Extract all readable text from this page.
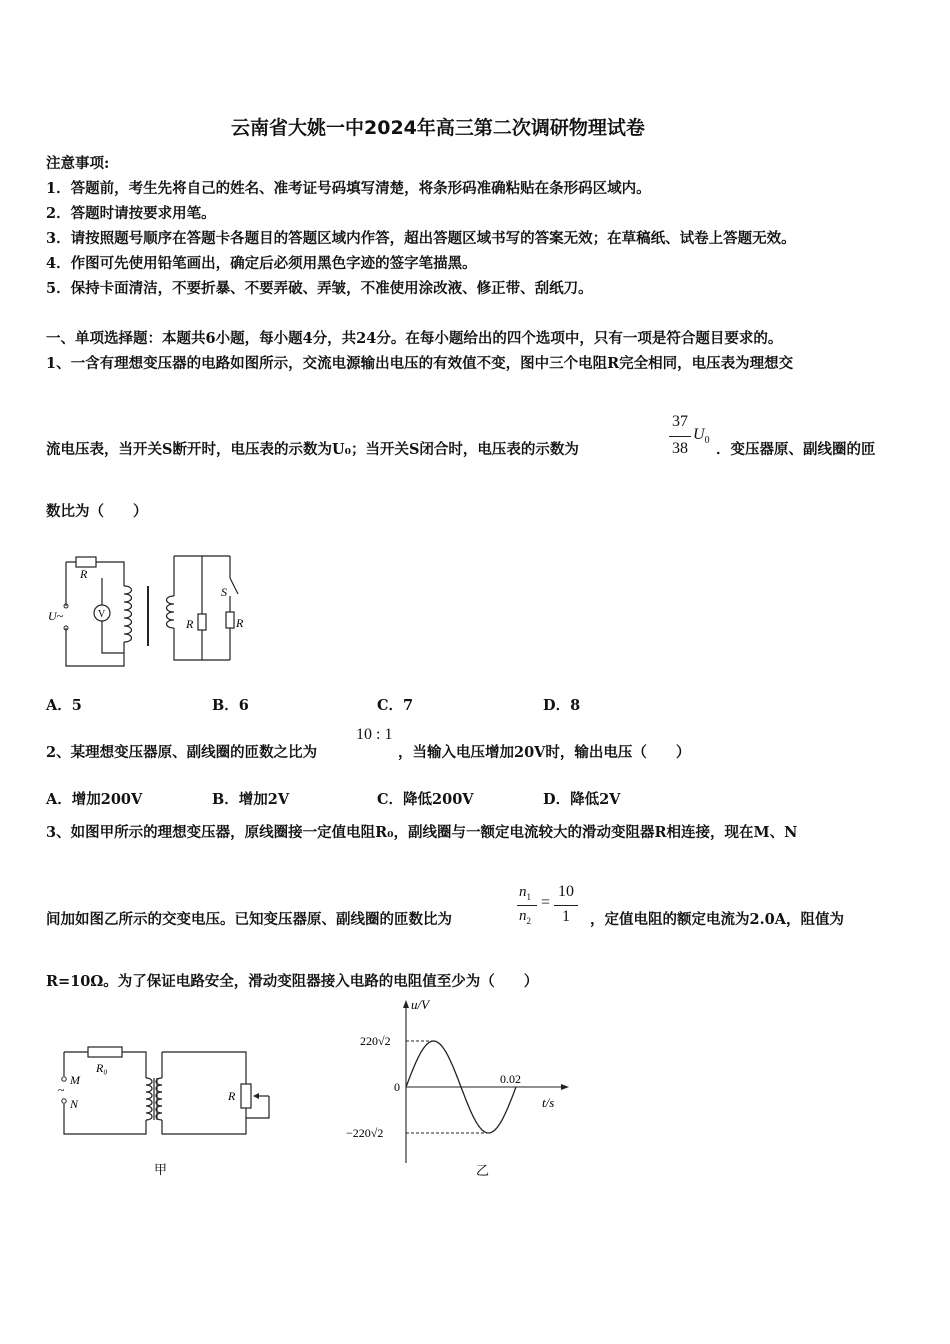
云南省大姚一中2024年高三第二次调研物理试卷
注意事项:
1．答题前，考生先将自己的姓名、准考证号码填写清楚，将条形码准确粘贴在条形码区域内。
2．答题时请按要求用笔。
3．请按照题号顺序在答题卡各题目的答题区域内作答，超出答题区域书写的答案无效；在草稿纸、试卷上答题无效。
4．作图可先使用铅笔画出，确定后必须用黑色字迹的签字笔描黑。
5．保持卡面清洁，不要折暴、不要弄破、弄皱，不准使用涂改液、修正带、刮纸刀。
一、单项选择题：本题共6小题，每小题4分，共24分。在每小题给出的四个选项中，只有一项是符合题目要求的。
1、一含有理想变压器的电路如图所示，交流电源输出电压的有效值不变，图中三个电阻R完全相同，电压表为理想交
流电压表，当开关S断开时，电压表的示数为U₀；当开关S闭合时，电压表的示数为
37
38
$U_0$
．变压器原、副线圈的匝
数比为（　　）
R
U~	V
S
R	R
A．5	B．6	C．7	D．8
2、某理想变压器原、副线圈的匝数之比为
10 : 1
，当输入电压增加20V时，输出电压（　　）
A．增加200V	B．增加2V	C．降低200V	D．降低2V
3、如图甲所示的理想变压器，原线圈接一定值电阻R₀，副线圈与一额定电流较大的滑动变阻器R相连接，现在M、N
间加如图乙所示的交变电压。已知变压器原、副线圈的匝数比为
$n_1$
$n_2$
=
10
1	，定值电阻的额定电流为2.0A，阻值为
R=10Ω。为了保证电路安全，滑动变阻器接入电路的电阻值至少为（　　）
R₀
M
~
N
R
甲
u/V
t/s
220√2
−220√2
0
0.02
乙
